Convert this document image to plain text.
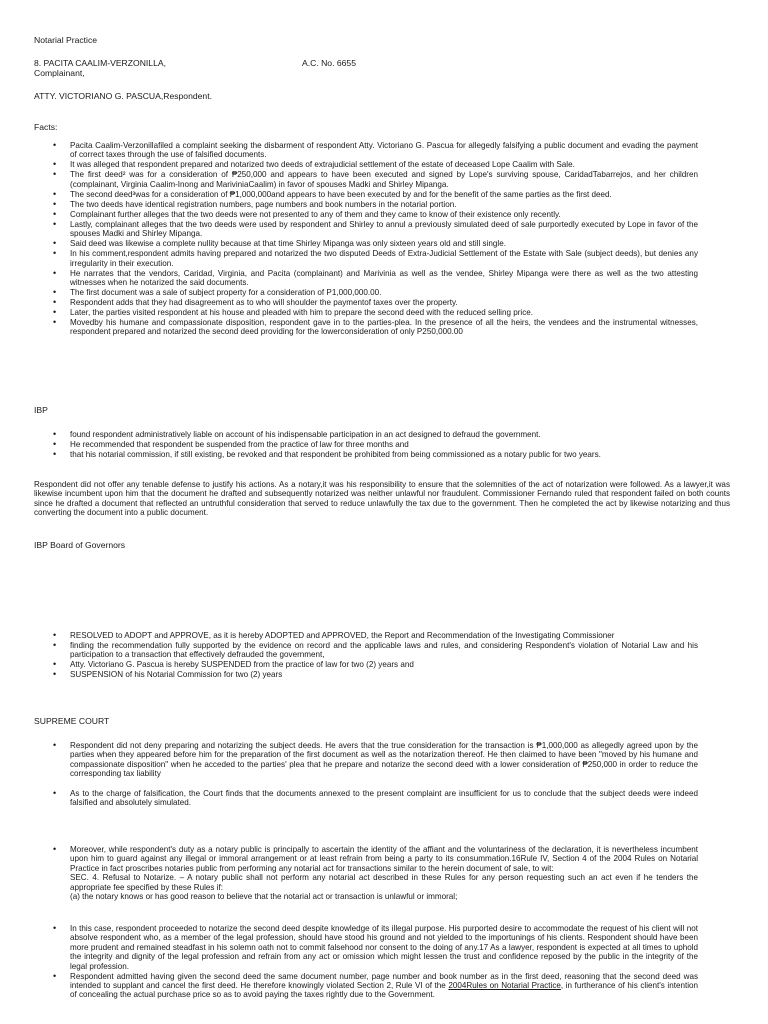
Notarial Practice
8. PACITA CAALIM-VERZONILLA,	A.C. No. 6655
Complainant,
ATTY. VICTORIANO G. PASCUA,Respondent.
Facts:
• Pacita Caalim-Verzonillafiled a complaint seeking the disbarment of respondent Atty. Victoriano G. Pascua for allegedly falsifying a public document and evading the payment of correct taxes through the use of falsified documents.
• It was alleged that respondent prepared and notarized two deeds of extrajudicial settlement of the estate of deceased Lope Caalim with Sale.
• The first deed² was for a consideration of ₱250,000 and appears to have been executed and signed by Lope's surviving spouse, CaridadTabarrejos, and her children (complainant, Virginia Caalim-Inong and MariviniaCaalim) in favor of spouses Madki and Shirley Mipanga.
• The second deed³was for a consideration of ₱1,000,000and appears to have been executed by and for the benefit of the same parties as the first deed.
• The two deeds have identical registration numbers, page numbers and book numbers in the notarial portion.
• Complainant further alleges that the two deeds were not presented to any of them and they came to know of their existence only recently.
• Lastly, complainant alleges that the two deeds were used by respondent and Shirley to annul a previously simulated deed of sale purportedly executed by Lope in favor of the spouses Madki and Shirley Mipanga.
• Said deed was likewise a complete nullity because at that time Shirley Mipanga was only sixteen years old and still single.
• In his comment,respondent admits having prepared and notarized the two disputed Deeds of Extra-Judicial Settlement of the Estate with Sale (subject deeds), but denies any irregularity in their execution.
• He narrates that the vendors, Caridad, Virginia, and Pacita (complainant) and Marivinia as well as the vendee, Shirley Mipanga were there as well as the two attesting witnesses when he notarized the said documents.
• The first document was a sale of subject property for a consideration of P1,000,000.00.
• Respondent adds that they had disagreement as to who will shoulder the paymentof taxes over the property.
• Later, the parties visited respondent at his house and pleaded with him to prepare the second deed with the reduced selling price.
• Movedby his humane and compassionate disposition, respondent gave in to the parties-plea. In the presence of all the heirs, the vendees and the instrumental witnesses, respondent prepared and notarized the second deed providing for the lowerconsideration of only P250,000.00
IBP
• found respondent administratively liable on account of his indispensable participation in an act designed to defraud the government.
• He recommended that respondent be suspended from the practice of law for three months and
• that his notarial commission, if still existing, be revoked and that respondent be prohibited from being commissioned as a notary public for two years.
Respondent did not offer any tenable defense to justify his actions. As a notary,it was his responsibility to ensure that the solemnities of the act of notarization were followed. As a lawyer,it was likewise incumbent upon him that the document he drafted and subsequently notarized was neither unlawful nor fraudulent. Commissioner Fernando ruled that respondent failed on both counts since he drafted a document that reflected an untruthful consideration that served to reduce unlawfully the tax due to the government. Then he completed the act by likewise notarizing and thus converting the document into a public document.
IBP Board of Governors
• RESOLVED to ADOPT and APPROVE, as it is hereby ADOPTED and APPROVED, the Report and Recommendation of the Investigating Commissioner
• finding the recommendation fully supported by the evidence on record and the applicable laws and rules, and considering Respondent's violation of Notarial Law and his participation to a transaction that effectively defrauded the government,
• Atty. Victoriano G. Pascua is hereby SUSPENDED from the practice of law for two (2) years and
• SUSPENSION of his Notarial Commission for two (2) years
SUPREME COURT
• Respondent did not deny preparing and notarizing the subject deeds. He avers that the true consideration for the transaction is ₱1,000,000 as allegedly agreed upon by the parties when they appeared before him for the preparation of the first document as well as the notarization thereof. He then claimed to have been "moved by his humane and compassionate disposition" when he acceded to the parties' plea that he prepare and notarize the second deed with a lower consideration of ₱250,000 in order to reduce the corresponding tax liability
• As to the charge of falsification, the Court finds that the documents annexed to the present complaint are insufficient for us to conclude that the subject deeds were indeed falsified and absolutely simulated.
• Moreover, while respondent's duty as a notary public is principally to ascertain the identity of the affiant and the voluntariness of the declaration, it is nevertheless incumbent upon him to guard against any illegal or immoral arrangement or at least refrain from being a party to its consummation.16Rule IV, Section 4 of the 2004 Rules on Notarial Practice in fact proscribes notaries public from performing any notarial act for transactions similar to the herein document of sale, to wit:
SEC. 4. Refusal to Notarize. – A notary public shall not perform any notarial act described in these Rules for any person requesting such an act even if he tenders the appropriate fee specified by these Rules if:
(a) the notary knows or has good reason to believe that the notarial act or transaction is unlawful or immoral;
• In this case, respondent proceeded to notarize the second deed despite knowledge of its illegal purpose. His purported desire to accommodate the request of his client will not absolve respondent who, as a member of the legal profession, should have stood his ground and not yielded to the importunings of his clients. Respondent should have been more prudent and remained steadfast in his solemn oath not to commit falsehood nor consent to the doing of any.17 As a lawyer, respondent is expected at all times to uphold the integrity and dignity of the legal profession and refrain from any act or omission which might lessen the trust and confidence reposed by the public in the integrity of the legal profession.
• Respondent admitted having given the second deed the same document number, page number and book number as in the first deed, reasoning that the second deed was intended to supplant and cancel the first deed. He therefore knowingly violated Section 2, Rule VI of the 2004Rules on Notarial Practice, in furtherance of his client's intention of concealing the actual purchase price so as to avoid paying the taxes rightly due to the Government.
